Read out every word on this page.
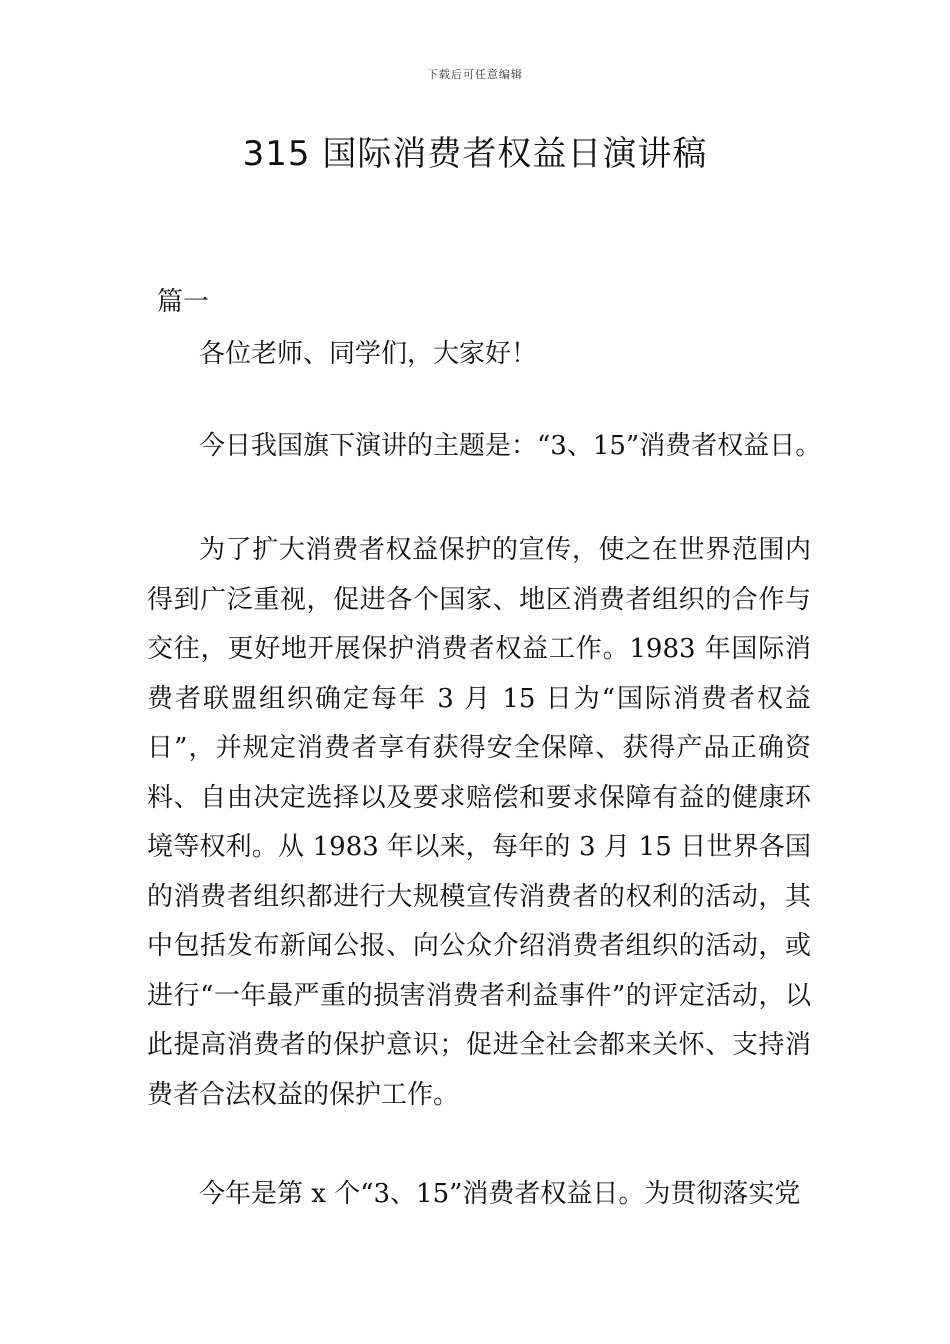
下载后可任意编辑
315 国际消费者权益日演讲稿

篇一

各位老师、同学们，大家好！

今日我国旗下演讲的主题是：“3、15”消费者权益日。

为了扩大消费者权益保护的宣传，使之在世界范围内得到广泛重视，促进各个国家、地区消费者组织的合作与交往，更好地开展保护消费者权益工作。1983 年国际消费者联盟组织确定每年 3 月 15 日为“国际消费者权益日”，并规定消费者享有获得安全保障、获得产品正确资料、自由决定选择以及要求赔偿和要求保障有益的健康环境等权利。从 1983 年以来，每年的 3 月 15 日世界各国的消费者组织都进行大规模宣传消费者的权利的活动，其中包括发布新闻公报、向公众介绍消费者组织的活动，或进行“一年最严重的损害消费者利益事件”的评定活动，以此提高消费者的保护意识；促进全社会都来关怀、支持消费者合法权益的保护工作。

今年是第 x 个“3、15”消费者权益日。为贯彻落实党
